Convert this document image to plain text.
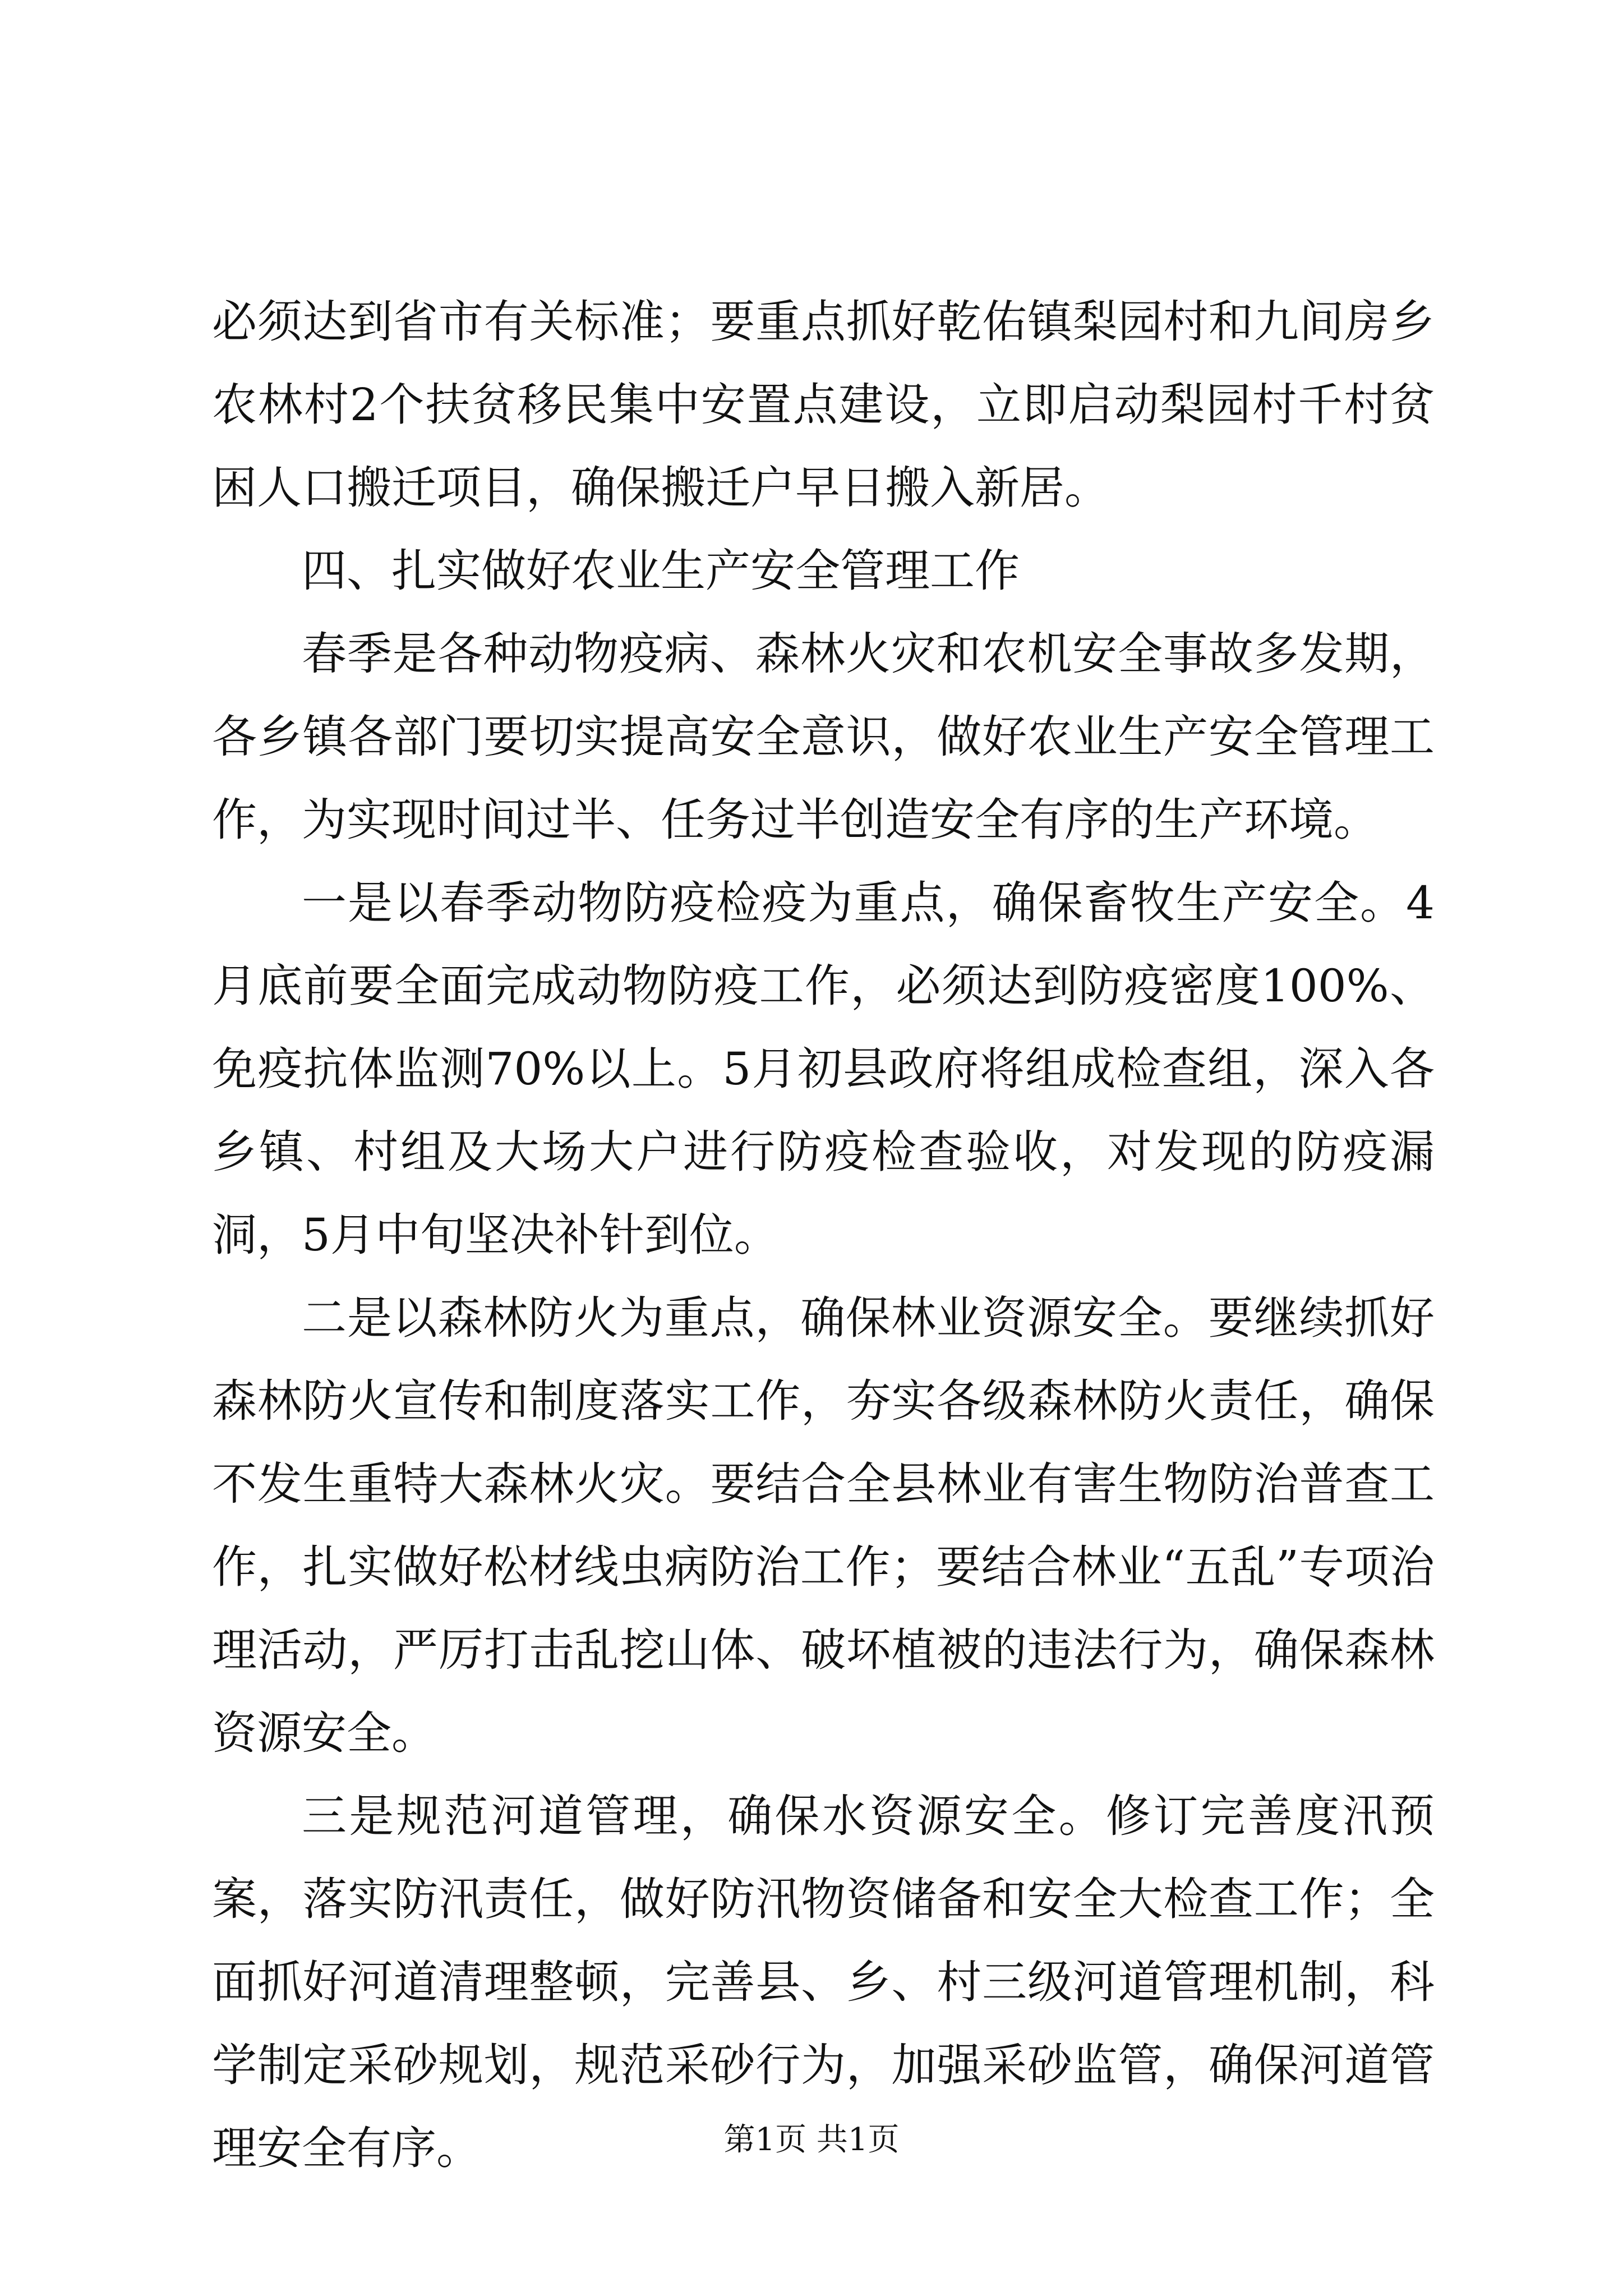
必须达到省市有关标准；要重点抓好乾佑镇梨园村和九间房乡农林村2个扶贫移民集中安置点建设，立即启动梨园村千村贫困人口搬迁项目，确保搬迁户早日搬入新居。

四、扎实做好农业生产安全管理工作

春季是各种动物疫病、森林火灾和农机安全事故多发期，各乡镇各部门要切实提高安全意识，做好农业生产安全管理工作，为实现时间过半、任务过半创造安全有序的生产环境。

一是以春季动物防疫检疫为重点，确保畜牧生产安全。4月底前要全面完成动物防疫工作，必须达到防疫密度100%、免疫抗体监测70%以上。5月初县政府将组成检查组，深入各乡镇、村组及大场大户进行防疫检查验收，对发现的防疫漏洞，5月中旬坚决补针到位。

二是以森林防火为重点，确保林业资源安全。要继续抓好森林防火宣传和制度落实工作，夯实各级森林防火责任，确保不发生重特大森林火灾。要结合全县林业有害生物防治普查工作，扎实做好松材线虫病防治工作；要结合林业“五乱”专项治理活动，严厉打击乱挖山体、破坏植被的违法行为，确保森林资源安全。

三是规范河道管理，确保水资源安全。修订完善度汛预案，落实防汛责任，做好防汛物资储备和安全大检查工作；全面抓好河道清理整顿，完善县、乡、村三级河道管理机制，科学制定采砂规划，规范采砂行为，加强采砂监管，确保河道管理安全有序。	第1页 共1页
